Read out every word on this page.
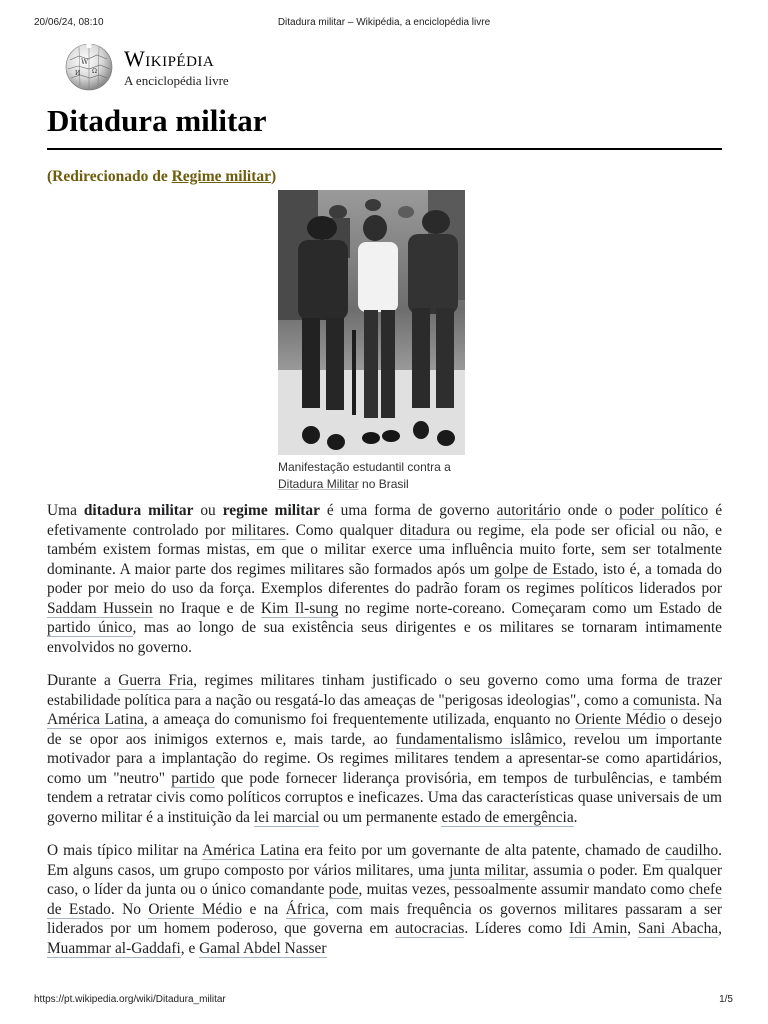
20/06/24, 08:10	Ditadura militar – Wikipédia, a enciclopédia livre
W
Ω
И
Wikipédia
A enciclopédia livre
Ditadura militar
(Redirecionado de Regime militar)
Manifestação estudantil contra a
Ditadura Militar no Brasil

Uma ditadura militar ou regime militar é uma forma de governo autoritário onde o poder político é efetivamente controlado por militares. Como qualquer ditadura ou regime, ela pode ser oficial ou não, e também existem formas mistas, em que o militar exerce uma influência muito forte, sem ser totalmente dominante. A maior parte dos regimes militares são formados após um golpe de Estado, isto é, a tomada do poder por meio do uso da força. Exemplos diferentes do padrão foram os regimes políticos liderados por Saddam Hussein no Iraque e de Kim Il-sung no regime norte-coreano. Começaram como um Estado de partido único, mas ao longo de sua existência seus dirigentes e os militares se tornaram intimamente envolvidos no governo.

Durante a Guerra Fria, regimes militares tinham justificado o seu governo como uma forma de trazer estabilidade política para a nação ou resgatá-lo das ameaças de "perigosas ideologias", como a comunista. Na América Latina, a ameaça do comunismo foi frequentemente utilizada, enquanto no Oriente Médio o desejo de se opor aos inimigos externos e, mais tarde, ao fundamentalismo islâmico, revelou um importante motivador para a implantação do regime. Os regimes militares tendem a apresentar-se como apartidários, como um "neutro" partido que pode fornecer liderança provisória, em tempos de turbulências, e também tendem a retratar civis como políticos corruptos e ineficazes. Uma das características quase universais de um governo militar é a instituição da lei marcial ou um permanente estado de emergência.

O mais típico militar na América Latina era feito por um governante de alta patente, chamado de caudilho. Em alguns casos, um grupo composto por vários militares, uma junta militar, assumia o poder. Em qualquer caso, o líder da junta ou o único comandante pode, muitas vezes, pessoalmente assumir mandato como chefe de Estado. No Oriente Médio e na África, com mais frequência os governos militares passaram a ser liderados por um homem poderoso, que governa em autocracias. Líderes como Idi Amin, Sani Abacha, Muammar al-Gaddafi, e Gamal Abdel Nasser

https://pt.wikipedia.org/wiki/Ditadura_militar	1/5
